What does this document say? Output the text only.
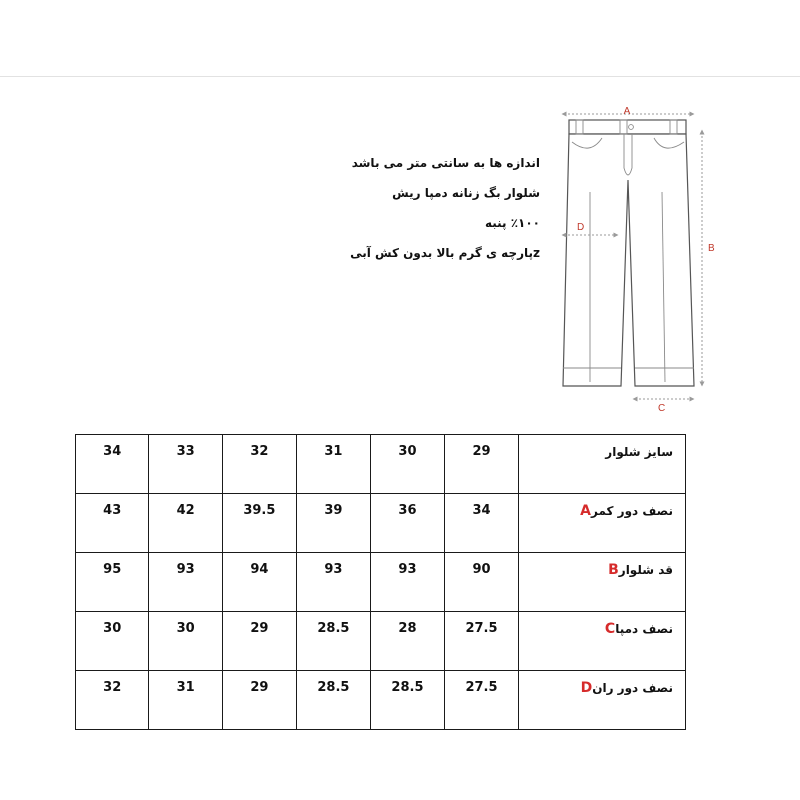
اندازه ها به سانتی متر می باشد
شلوار بگ زنانه دمپا ریش
٪۱۰۰ پنبه
zپارچه ی گرم بالا بدون کش آبی
A
B
C
D
34	33	32	31	30	29	سایز شلوار
43	42	39.5	39	36	34	نصف دور کمرA
95	93	94	93	93	90	قد شلوارB
30	30	29	28.5	28	27.5	نصف دمپاC
32	31	29	28.5	28.5	27.5	نصف دور رانD
